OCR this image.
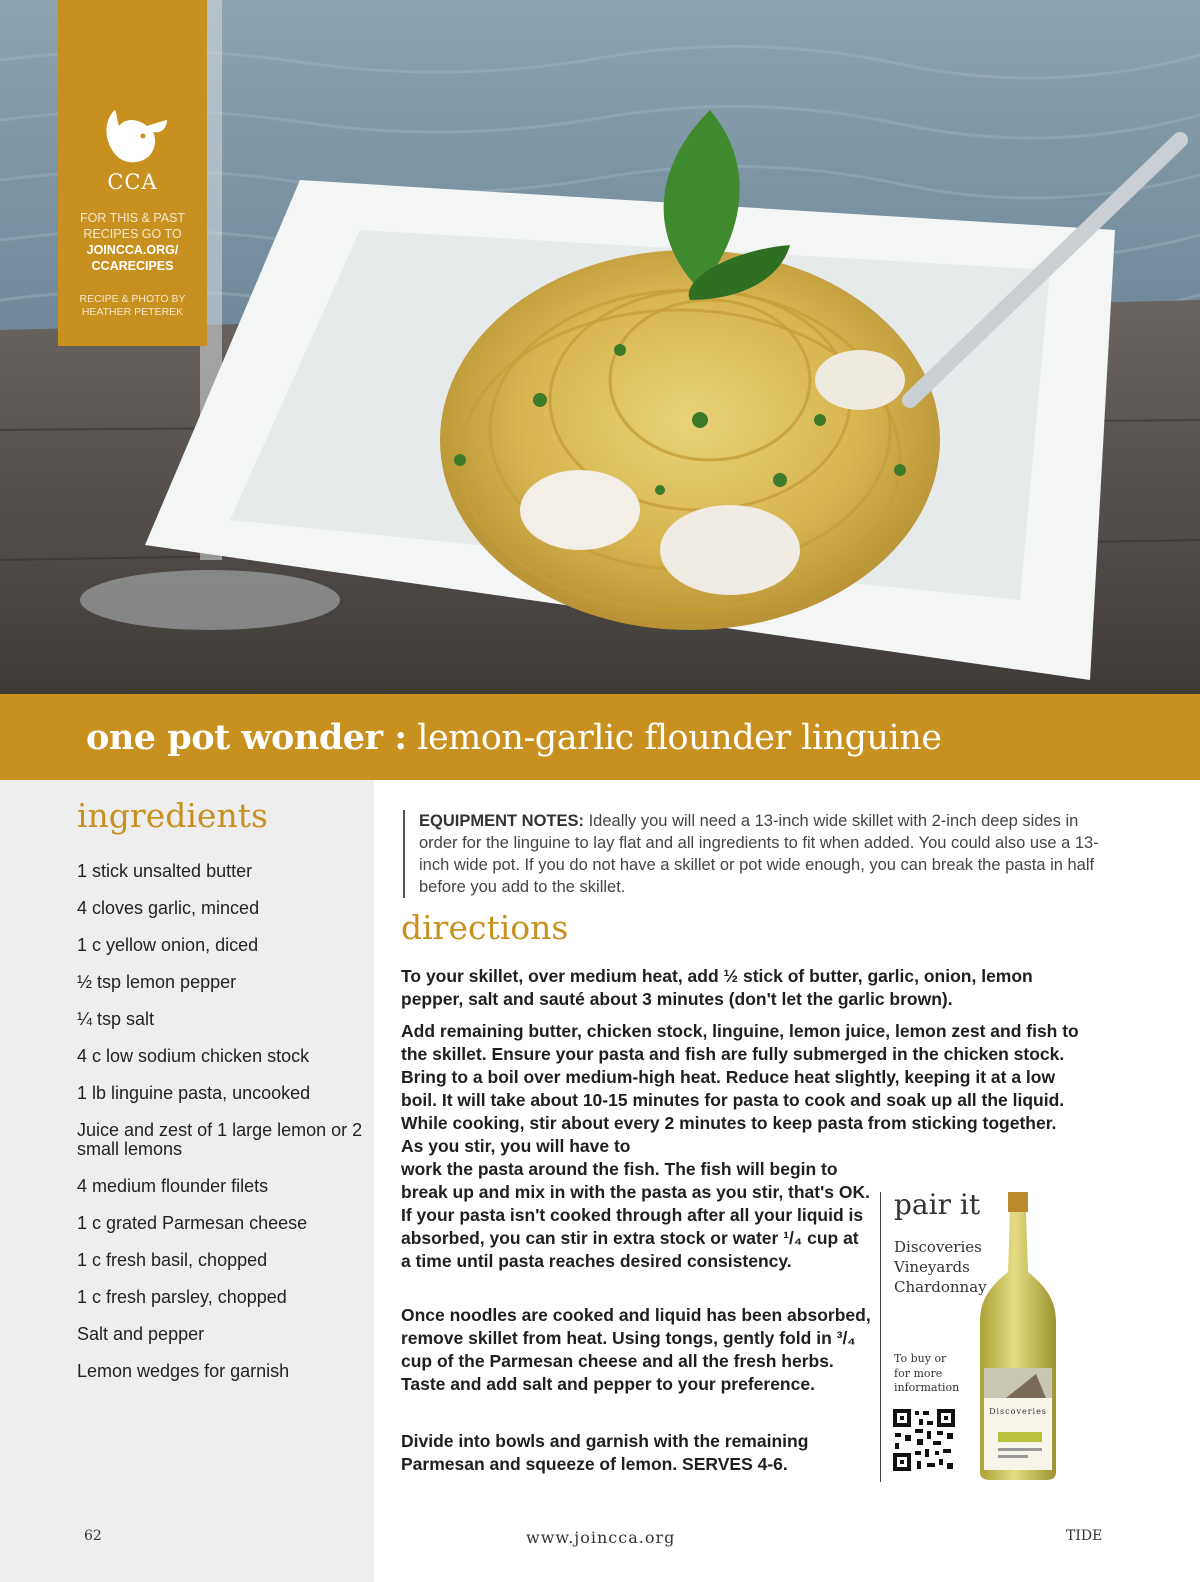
CCA
FOR THIS & PAST
RECIPES GO TO
JOINCCA.ORG/
CCARECIPES
RECIPE & PHOTO BY
HEATHER PETEREK
one pot wonder : lemon-garlic flounder linguine
ingredients
1 stick unsalted butter
4 cloves garlic, minced
1 c yellow onion, diced
½ tsp lemon pepper
¼ tsp salt
4 c low sodium chicken stock
1 lb linguine pasta, uncooked
Juice and zest of 1 large lemon or 2 small lemons
4 medium flounder filets
1 c grated Parmesan cheese
1 c fresh basil, chopped
1 c fresh parsley, chopped
Salt and pepper
Lemon wedges for garnish
EQUIPMENT NOTES: Ideally you will need a 13-inch wide skillet with 2-inch deep sides in order for the linguine to lay flat and all ingredients to fit when added. You could also use a 13-inch wide pot. If you do not have a skillet or pot wide enough, you can break the pasta in half before you add to the skillet.
directions

To your skillet, over medium heat, add ½ stick of butter, garlic, onion, lemon pepper, salt and sauté about 3 minutes (don't let the garlic brown).

Add remaining butter, chicken stock, linguine, lemon juice, lemon zest and fish to the skillet. Ensure your pasta and fish are fully submerged in the chicken stock. Bring to a boil over medium-high heat. Reduce heat slightly, keeping it at a low boil. It will take about 10-15 minutes for pasta to cook and soak up all the liquid. While cooking, stir about every 2 minutes to keep pasta from sticking together. As you stir, you will have to
work the pasta around the fish. The fish will begin to break up and mix in with the pasta as you stir, that's OK. If your pasta isn't cooked through after all your liquid is absorbed, you can stir in extra stock or water ¹/₄ cup at a time until pasta reaches desired consistency.

Once noodles are cooked and liquid has been absorbed, remove skillet from heat. Using tongs, gently fold in ³/₄ cup of the Parmesan cheese and all the fresh herbs. Taste and add salt and pepper to your preference.

Divide into bowls and garnish with the remaining Parmesan and squeeze of lemon. SERVES 4-6.

pair it
Discoveries
Vineyards
Chardonnay
To buy or
for more
information
Discoveries
62	www.joincca.org	TIDE
